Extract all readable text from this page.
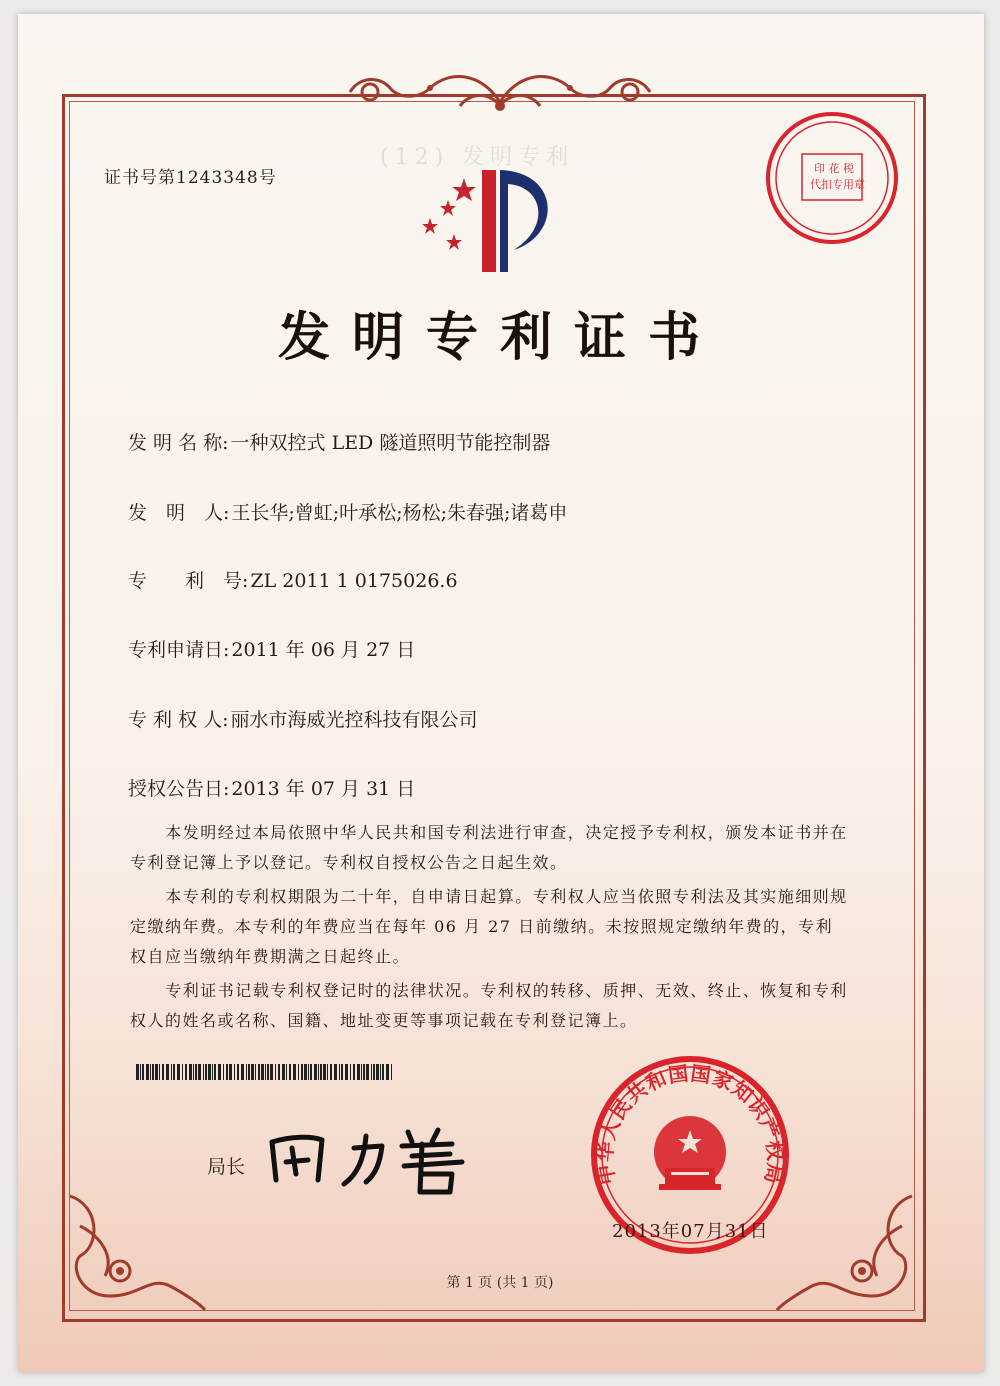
(12) 发明专利
证书号第1243348号	印 花 税
代扣专用章
发明专利证书
发 明 名 称: 一种双控式 LED 隧道照明节能控制器
发　明　人: 王长华;曾虹;叶承松;杨松;朱春强;诸葛申
专　　利　号: ZL 2011 1 0175026.6
专利申请日: 2011 年 06 月 27 日
专 利 权 人: 丽水市海威光控科技有限公司
授权公告日: 2013 年 07 月 31 日

本发明经过本局依照中华人民共和国专利法进行审查，决定授予专利权，颁发本证书并在专利登记簿上予以登记。专利权自授权公告之日起生效。

本专利的专利权期限为二十年，自申请日起算。专利权人应当依照专利法及其实施细则规定缴纳年费。本专利的年费应当在每年 06 月 27 日前缴纳。未按照规定缴纳年费的，专利权自应当缴纳年费期满之日起终止。

专利证书记载专利权登记时的法律状况。专利权的转移、质押、无效、终止、恢复和专利权人的姓名或名称、国籍、地址变更等事项记载在专利登记簿上。

局长	中华人民共和国国家知识产权局
2013年07月31日
第 1 页 (共 1 页)
